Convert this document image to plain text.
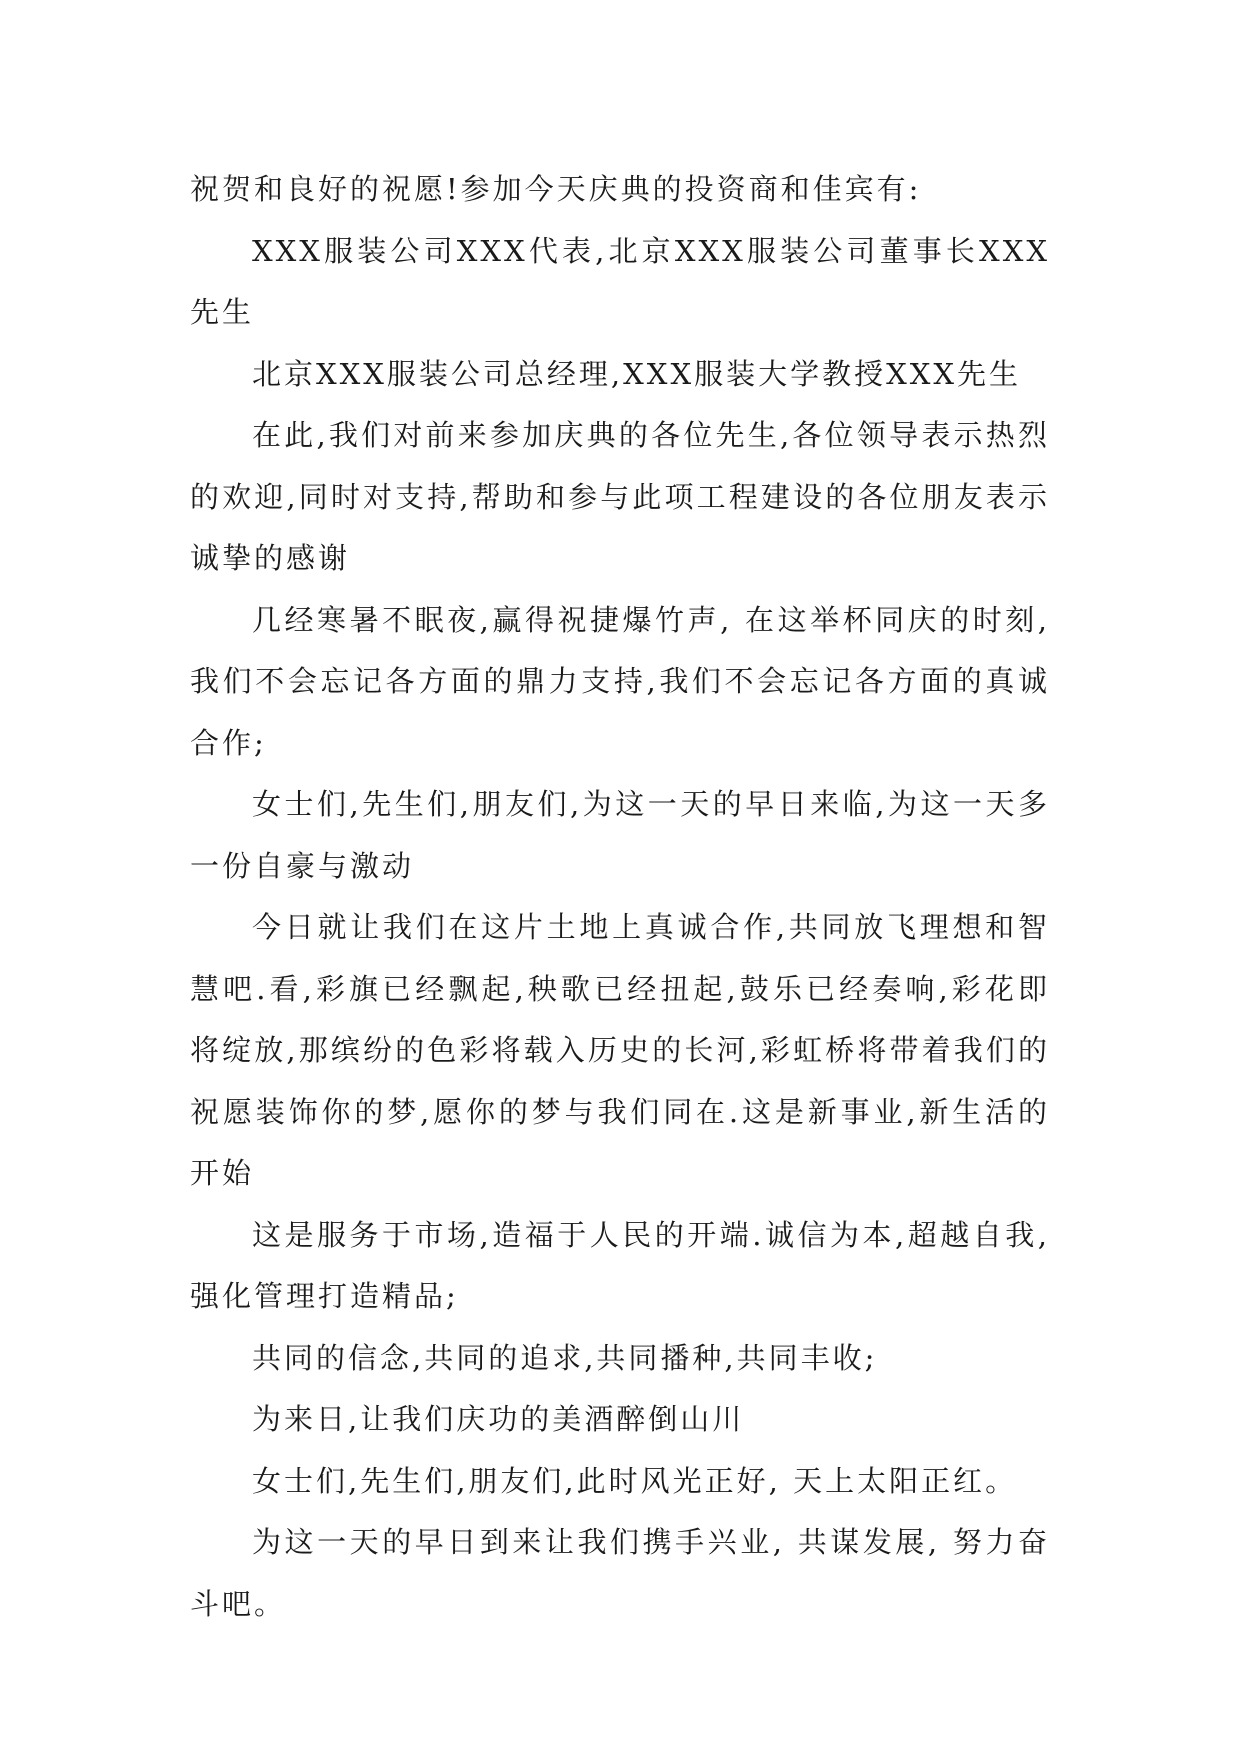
祝贺和良好的祝愿!参加今天庆典的投资商和佳宾有:

XXX服装公司XXX代表,北京XXX服装公司董事长XXX先生

北京XXX服装公司总经理,XXX服装大学教授XXX先生

在此,我们对前来参加庆典的各位先生,各位领导表示热烈的欢迎,同时对支持,帮助和参与此项工程建设的各位朋友表示诚挚的感谢

几经寒暑不眠夜,赢得祝捷爆竹声, 在这举杯同庆的时刻,我们不会忘记各方面的鼎力支持,我们不会忘记各方面的真诚合作;

女士们,先生们,朋友们,为这一天的早日来临,为这一天多一份自豪与激动

今日就让我们在这片土地上真诚合作,共同放飞理想和智慧吧.看,彩旗已经飘起,秧歌已经扭起,鼓乐已经奏响,彩花即将绽放,那缤纷的色彩将载入历史的长河,彩虹桥将带着我们的祝愿装饰你的梦,愿你的梦与我们同在.这是新事业,新生活的开始

这是服务于市场,造福于人民的开端.诚信为本,超越自我,强化管理打造精品;

共同的信念,共同的追求,共同播种,共同丰收;

为来日,让我们庆功的美酒醉倒山川

女士们,先生们,朋友们,此时风光正好, 天上太阳正红。

为这一天的早日到来让我们携手兴业, 共谋发展, 努力奋斗吧。
